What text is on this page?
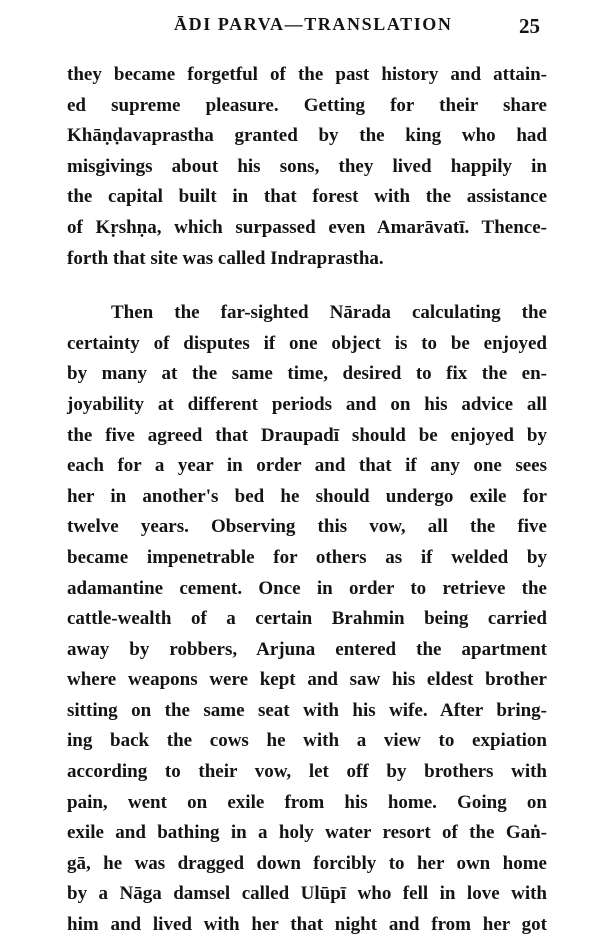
ĀDI PARVA—TRANSLATION	25
they became forgetful of the past history and attain-
ed supreme pleasure. Getting for their share
Khāṇḍavaprastha granted by the king who had
misgivings about his sons, they lived happily in
the capital built in that forest with the assistance
of Kṛshṇa, which surpassed even Amarāvatī. Thence-
forth that site was called Indraprastha.
Then the far-sighted Nārada calculating the
certainty of disputes if one object is to be enjoyed
by many at the same time, desired to fix the en-
joyability at different periods and on his advice all
the five agreed that Draupadī should be enjoyed by
each for a year in order and that if any one sees
her in another's bed he should undergo exile for
twelve years. Observing this vow, all the five
became impenetrable for others as if welded by
adamantine cement. Once in order to retrieve the
cattle-wealth of a certain Brahmin being carried
away by robbers, Arjuna entered the apartment
where weapons were kept and saw his eldest brother
sitting on the same seat with his wife. After bring-
ing back the cows he with a view to expiation
according to their vow, let off by brothers with
pain, went on exile from his home. Going on
exile and bathing in a holy water resort of the Gaṅ-
gā, he was dragged down forcibly to her own home
by a Nāga damsel called Ulūpī who fell in love with
him and lived with her that night and from her got
